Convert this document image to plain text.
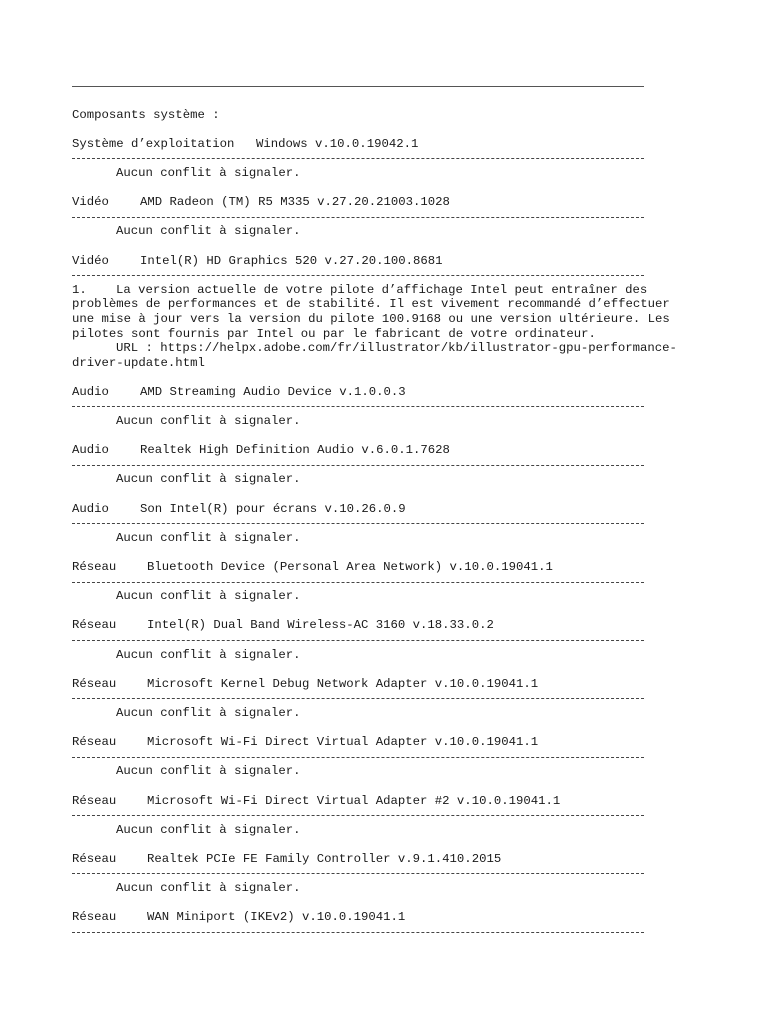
Composants système :
Système d’exploitation Windows v.10.0.19042.1
Aucun conflit à signaler.
Vidéo	AMD Radeon (TM) R5 M335 v.27.20.21003.1028
Aucun conflit à signaler.
Vidéo	Intel(R) HD Graphics 520 v.27.20.100.8681
1. La version actuelle de votre pilote d’affichage Intel peut entraîner des
problèmes de performances et de stabilité. Il est vivement recommandé d’effectuer
une mise à jour vers la version du pilote 100.9168 ou une version ultérieure. Les
pilotes sont fournis par Intel ou par le fabricant de votre ordinateur.
URL : https://helpx.adobe.com/fr/illustrator/kb/illustrator-gpu-performance-
driver-update.html
Audio	AMD Streaming Audio Device v.1.0.0.3
Aucun conflit à signaler.
Audio	Realtek High Definition Audio v.6.0.1.7628
Aucun conflit à signaler.
Audio	Son Intel(R) pour écrans v.10.26.0.9
Aucun conflit à signaler.
Réseau Bluetooth Device (Personal Area Network) v.10.0.19041.1
Aucun conflit à signaler.
Réseau Intel(R) Dual Band Wireless-AC 3160 v.18.33.0.2
Aucun conflit à signaler.
Réseau Microsoft Kernel Debug Network Adapter v.10.0.19041.1
Aucun conflit à signaler.
Réseau Microsoft Wi-Fi Direct Virtual Adapter v.10.0.19041.1
Aucun conflit à signaler.
Réseau Microsoft Wi-Fi Direct Virtual Adapter #2 v.10.0.19041.1
Aucun conflit à signaler.
Réseau Realtek PCIe FE Family Controller v.9.1.410.2015
Aucun conflit à signaler.
Réseau WAN Miniport (IKEv2) v.10.0.19041.1
